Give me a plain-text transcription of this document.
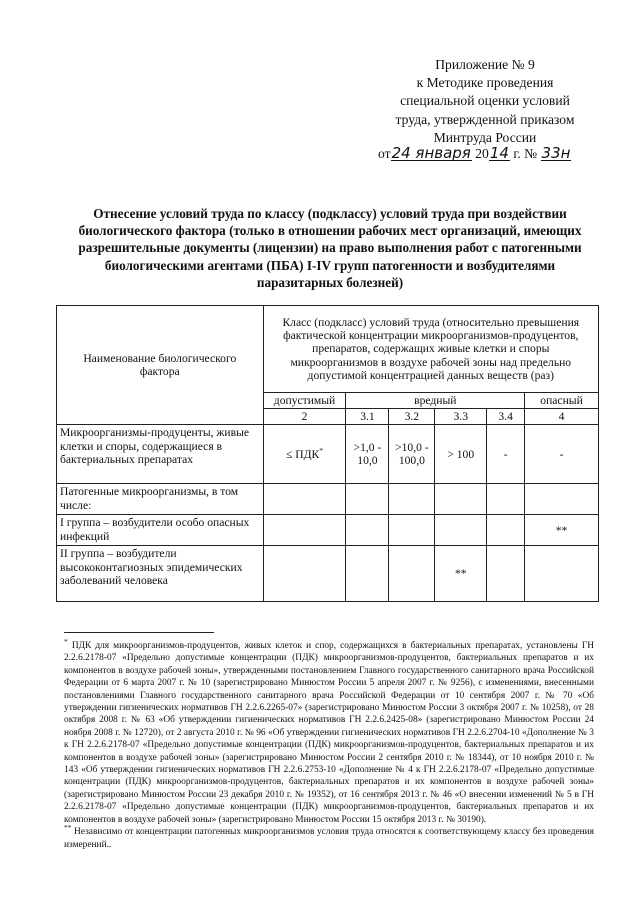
Приложение № 9
к Методике проведения
специальной оценки условий
труда, утвержденной приказом
Минтруда России
от24 января 2014 г. № 33н
Отнесение условий труда по классу (подклассу) условий труда при воздействии биологического фактора (только в отношении рабочих мест организаций, имеющих разрешительные документы (лицензии) на право выполнения работ с патогенными биологическими агентами (ПБА) I-IV групп патогенности и возбудителями паразитарных болезней)
Наименование биологического фактора	Класс (подкласс) условий труда (относительно превышения фактической концентрации микроорганизмов-продуцентов, препаратов, содержащих живые клетки и споры микроорганизмов в воздухе рабочей зоны над предельно допустимой концентрацией данных веществ (раз)					
	допустимый	вредный				опасный
	2	3.1	3.2	3.3	3.4	4
Микроорганизмы-продуценты, живые клетки и споры, содержащиеся в бактериальных препаратах	≤ ПДК*	>1,0 - 10,0	>10,0 - 100,0	> 100	-	-
Патогенные микроорганизмы, в том числе:						
I группа – возбудители особо опасных инфекций						**
II группа – возбудители высококонтагиозных эпидемических заболеваний человека				**		

* ПДК для микроорганизмов-продуцентов, живых клеток и спор, содержащихся в бактериальных препаратах, установлены ГН 2.2.6.2178-07 «Предельно допустимые концентрации (ПДК) микроорганизмов-продуцентов, бактериальных препаратов и их компонентов в воздухе рабочей зоны», утвержденными постановлением Главного государственного санитарного врача Российской Федерации от 6 марта 2007 г. № 10 (зарегистрировано Минюстом России 5 апреля 2007 г. № 9256), с изменениями, внесенными постановлениями Главного государственного санитарного врача Российской Федерации от 10 сентября 2007 г. № 70 «Об утверждении гигиенических нормативов ГН 2.2.6.2265-07» (зарегистрировано Минюстом России 3 октября 2007 г. № 10258), от 28 октября 2008 г. № 63 «Об утверждении гигиенических нормативов ГН 2.2.6.2425-08» (зарегистрировано Минюстом России 24 ноября 2008 г. № 12720), от 2 августа 2010 г. № 96 «Об утверждении гигиенических нормативов ГН 2.2.6.2704-10 «Дополнение № 3 к ГН 2.2.6.2178-07 «Предельно допустимые концентрации (ПДК) микроорганизмов-продуцентов, бактериальных препаратов и их компонентов в воздухе рабочей зоны» (зарегистрировано Минюстом России 2 сентября 2010 г. № 18344), от 10 ноября 2010 г. № 143 «Об утверждении гигиенических нормативов ГН 2.2.6.2753-10 «Дополнение № 4 к ГН 2.2.6.2178-07 «Предельно допустимые концентрации (ПДК) микроорганизмов-продуцентов, бактериальных препаратов и их компонентов в воздухе рабочей зоны» (зарегистрировано Минюстом России 23 декабря 2010 г. № 19352), от 16 сентября 2013 г. № 46 «О внесении изменений № 5 в ГН 2.2.6.2178-07 «Предельно допустимые концентрации (ПДК) микроорганизмов-продуцентов, бактериальных препаратов и их компонентов в воздухе рабочей зоны» (зарегистрировано Минюстом России 15 октября 2013 г. № 30190).

** Независимо от концентрации патогенных микроорганизмов условия труда относятся к соответствующему классу без проведения измерений..
